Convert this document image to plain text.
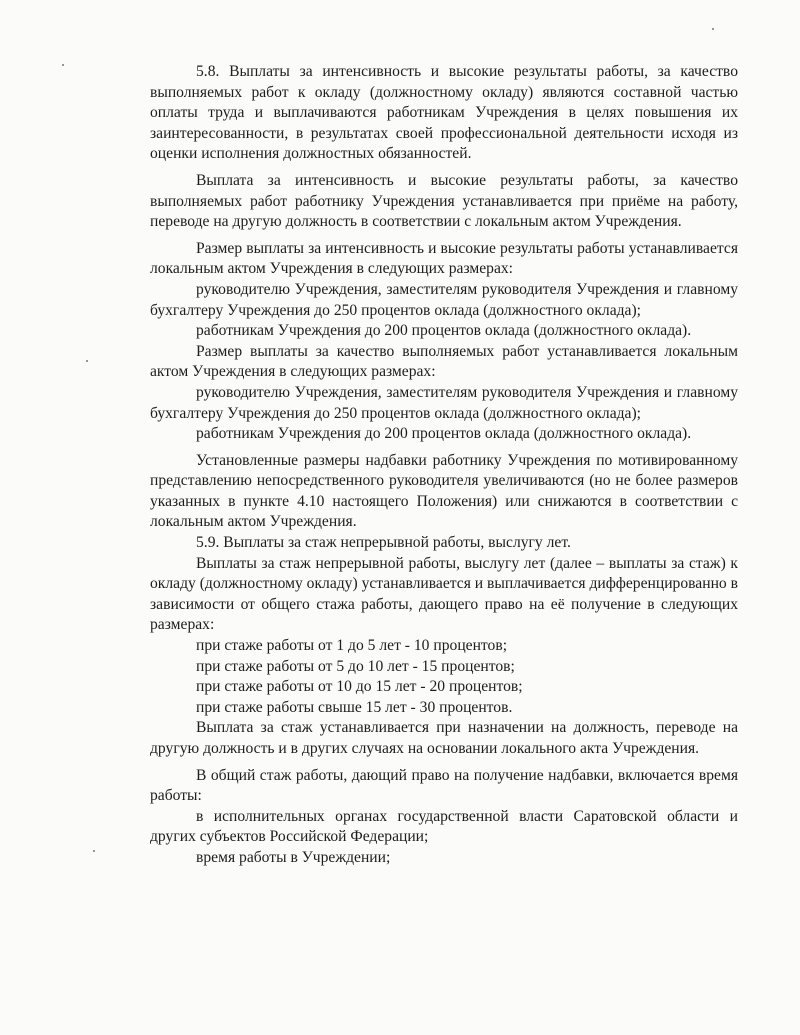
5.8. Выплаты за интенсивность и высокие результаты работы, за качество выполняемых работ к окладу (должностному окладу) являются составной частью оплаты труда и выплачиваются работникам Учреждения в целях повышения их заинтересованности, в результатах своей профессиональной деятельности исходя из оценки исполнения должностных обязанностей.

Выплата за интенсивность и высокие результаты работы, за качество выполняемых работ работнику Учреждения устанавливается при приёме на работу, переводе на другую должность в соответствии с локальным актом Учреждения.

Размер выплаты за интенсивность и высокие результаты работы устанавливается локальным актом Учреждения в следующих размерах:

руководителю Учреждения, заместителям руководителя Учреждения и главному бухгалтеру Учреждения до 250 процентов оклада (должностного оклада);

работникам Учреждения до 200 процентов оклада (должностного оклада).

Размер выплаты за качество выполняемых работ устанавливается локальным актом Учреждения в следующих размерах:

руководителю Учреждения, заместителям руководителя Учреждения и главному бухгалтеру Учреждения до 250 процентов оклада (должностного оклада);

работникам Учреждения до 200 процентов оклада (должностного оклада).

Установленные размеры надбавки работнику Учреждения по мотивированному представлению непосредственного руководителя увеличиваются (но не более размеров указанных в пункте 4.10 настоящего Положения) или снижаются в соответствии с локальным актом Учреждения.

5.9. Выплаты за стаж непрерывной работы, выслугу лет.

Выплаты за стаж непрерывной работы, выслугу лет (далее – выплаты за стаж) к окладу (должностному окладу) устанавливается и выплачивается дифференцированно в зависимости от общего стажа работы, дающего право на её получение в следующих размерах:

при стаже работы от 1 до 5 лет - 10 процентов;

при стаже работы от 5 до 10 лет - 15 процентов;

при стаже работы от 10 до 15 лет - 20 процентов;

при стаже работы свыше 15 лет - 30 процентов.

Выплата за стаж устанавливается при назначении на должность, переводе на другую должность и в других случаях на основании локального акта Учреждения.

В общий стаж работы, дающий право на получение надбавки, включается время работы:

в исполнительных органах государственной власти Саратовской области и других субъектов Российской Федерации;

время работы в Учреждении;
